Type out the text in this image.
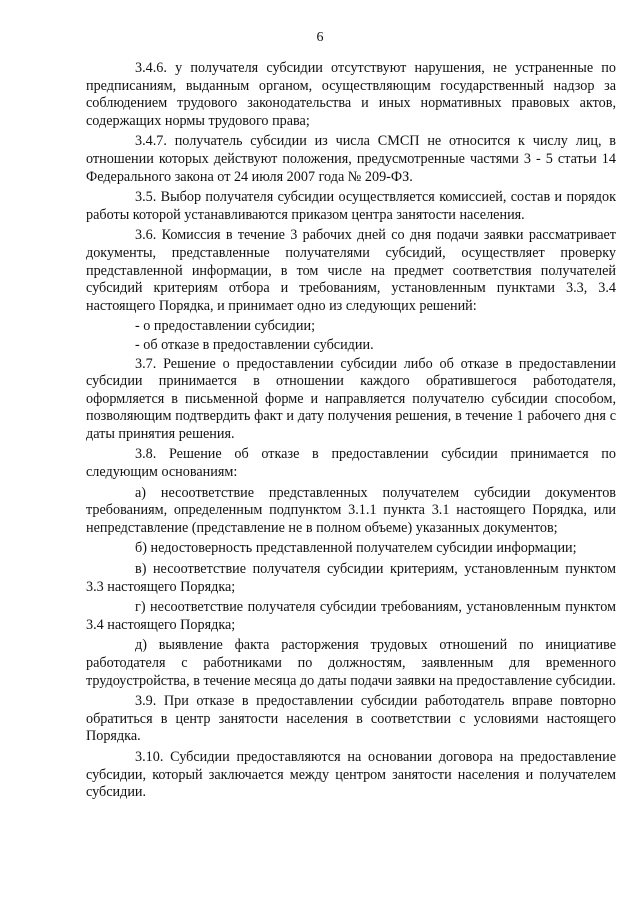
6

3.4.6. у получателя субсидии отсутствуют нарушения, не устраненные по предписаниям, выданным органом, осуществляющим государственный надзор за соблюдением трудового законодательства и иных нормативных правовых актов, содержащих нормы трудового права;

3.4.7. получатель субсидии из числа СМСП не относится к числу лиц, в отношении которых действуют положения, предусмотренные частями 3 - 5 статьи 14 Федерального закона от 24 июля 2007 года № 209-ФЗ.

3.5. Выбор получателя субсидии осуществляется комиссией, состав и порядок работы которой устанавливаются приказом центра занятости населения.

3.6. Комиссия в течение 3 рабочих дней со дня подачи заявки рассматривает документы, представленные получателями субсидий, осуществляет проверку представленной информации, в том числе на предмет соответствия получателей субсидий критериям отбора и требованиям, установленным пунктами 3.3, 3.4 настоящего Порядка, и принимает одно из следующих решений:

- о предоставлении субсидии;

- об отказе в предоставлении субсидии.

3.7. Решение о предоставлении субсидии либо об отказе в предоставлении субсидии принимается в отношении каждого обратившегося работодателя, оформляется в письменной форме и направляется получателю субсидии способом, позволяющим подтвердить факт и дату получения решения, в течение 1 рабочего дня с даты принятия решения.

3.8. Решение об отказе в предоставлении субсидии принимается по следующим основаниям:

а) несоответствие представленных получателем субсидии документов требованиям, определенным подпунктом 3.1.1 пункта 3.1 настоящего Порядка, или непредставление (представление не в полном объеме) указанных документов;

б) недостоверность представленной получателем субсидии информации;

в) несоответствие получателя субсидии критериям, установленным пунктом 3.3 настоящего Порядка;

г) несоответствие получателя субсидии требованиям, установленным пунктом 3.4 настоящего Порядка;

д) выявление факта расторжения трудовых отношений по инициативе работодателя с работниками по должностям, заявленным для временного трудоустройства, в течение месяца до даты подачи заявки на предоставление субсидии.

3.9. При отказе в предоставлении субсидии работодатель вправе повторно обратиться в центр занятости населения в соответствии с условиями настоящего Порядка.

3.10. Субсидии предоставляются на основании договора на предоставление субсидии, который заключается между центром занятости населения и получателем субсидии.
